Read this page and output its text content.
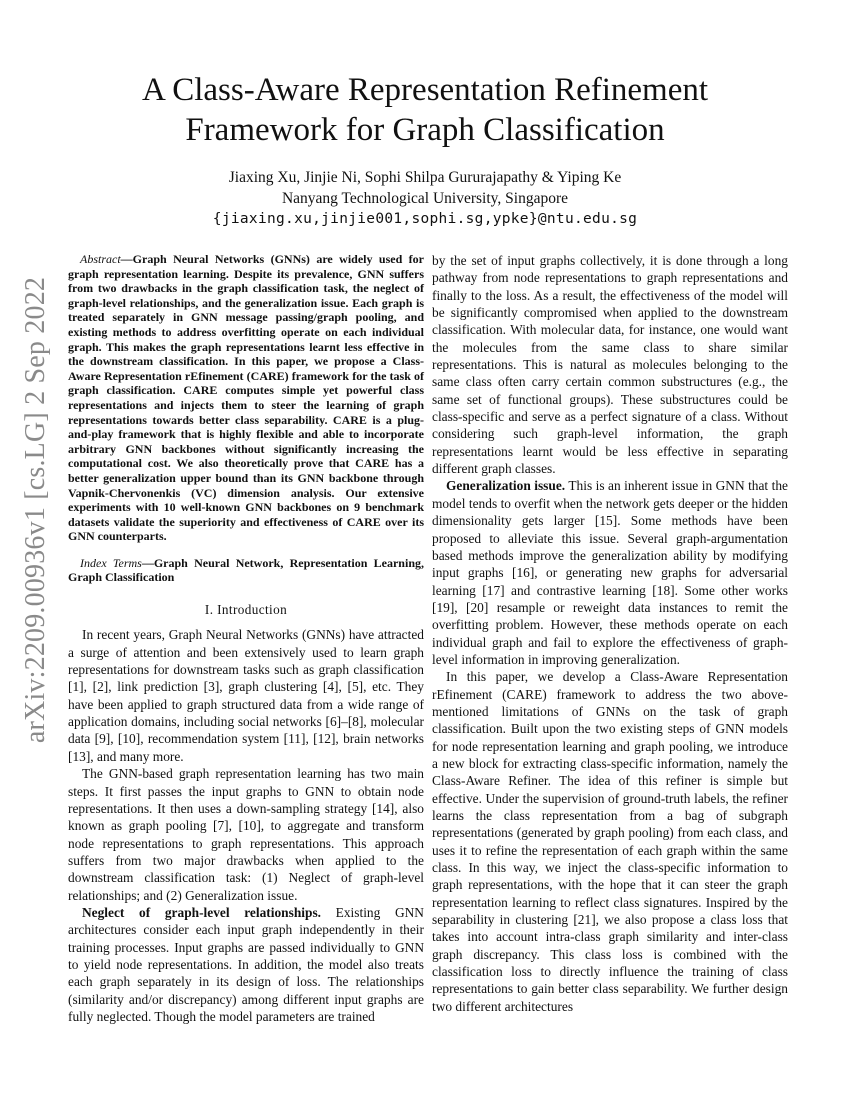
arXiv:2209.00936v1 [cs.LG] 2 Sep 2022
A Class-Aware Representation Refinement
Framework for Graph Classification
Jiaxing Xu, Jinjie Ni, Sophi Shilpa Gururajapathy & Yiping Ke
Nanyang Technological University, Singapore
{jiaxing.xu,jinjie001,sophi.sg,ypke}@ntu.edu.sg

Abstract—Graph Neural Networks (GNNs) are widely used for graph representation learning. Despite its prevalence, GNN suffers from two drawbacks in the graph classification task, the neglect of graph-level relationships, and the generalization issue. Each graph is treated separately in GNN message passing/graph pooling, and existing methods to address overfitting operate on each individual graph. This makes the graph representations learnt less effective in the downstream classification. In this paper, we propose a Class-Aware Representation rEfinement (CARE) framework for the task of graph classification. CARE computes simple yet powerful class representations and injects them to steer the learning of graph representations towards better class separability. CARE is a plug-and-play framework that is highly flexible and able to incorporate arbitrary GNN backbones without significantly increasing the computational cost. We also theoretically prove that CARE has a better generalization upper bound than its GNN backbone through Vapnik-Chervonenkis (VC) dimension analysis. Our extensive experiments with 10 well-known GNN backbones on 9 benchmark datasets validate the superiority and effectiveness of CARE over its GNN counterparts.

Index Terms—Graph Neural Network, Representation Learning, Graph Classification

I. Introduction

In recent years, Graph Neural Networks (GNNs) have attracted a surge of attention and been extensively used to learn graph representations for downstream tasks such as graph classification [1], [2], link prediction [3], graph clustering [4], [5], etc. They have been applied to graph structured data from a wide range of application domains, including social networks [6]–[8], molecular data [9], [10], recommendation system [11], [12], brain networks [13], and many more.

The GNN-based graph representation learning has two main steps. It first passes the input graphs to GNN to obtain node representations. It then uses a down-sampling strategy [14], also known as graph pooling [7], [10], to aggregate and transform node representations to graph representations. This approach suffers from two major drawbacks when applied to the downstream classification task: (1) Neglect of graph-level relationships; and (2) Generalization issue.

Neglect of graph-level relationships. Existing GNN architectures consider each input graph independently in their training processes. Input graphs are passed individually to GNN to yield node representations. In addition, the model also treats each graph separately in its design of loss. The relationships (similarity and/or discrepancy) among different input graphs are fully neglected. Though the model parameters are trained

by the set of input graphs collectively, it is done through a long pathway from node representations to graph representations and finally to the loss. As a result, the effectiveness of the model will be significantly compromised when applied to the downstream classification. With molecular data, for instance, one would want the molecules from the same class to share similar representations. This is natural as molecules belonging to the same class often carry certain common substructures (e.g., the same set of functional groups). These substructures could be class-specific and serve as a perfect signature of a class. Without considering such graph-level information, the graph representations learnt would be less effective in separating different graph classes.

Generalization issue. This is an inherent issue in GNN that the model tends to overfit when the network gets deeper or the hidden dimensionality gets larger [15]. Some methods have been proposed to alleviate this issue. Several graph-argumentation based methods improve the generalization ability by modifying input graphs [16], or generating new graphs for adversarial learning [17] and contrastive learning [18]. Some other works [19], [20] resample or reweight data instances to remit the overfitting problem. However, these methods operate on each individual graph and fail to explore the effectiveness of graph-level information in improving generalization.

In this paper, we develop a Class-Aware Representation rEfinement (CARE) framework to address the two above-mentioned limitations of GNNs on the task of graph classification. Built upon the two existing steps of GNN models for node representation learning and graph pooling, we introduce a new block for extracting class-specific information, namely the Class-Aware Refiner. The idea of this refiner is simple but effective. Under the supervision of ground-truth labels, the refiner learns the class representation from a bag of subgraph representations (generated by graph pooling) from each class, and uses it to refine the representation of each graph within the same class. In this way, we inject the class-specific information to graph representations, with the hope that it can steer the graph representation learning to reflect class signatures. Inspired by the separability in clustering [21], we also propose a class loss that takes into account intra-class graph similarity and inter-class graph discrepancy. This class loss is combined with the classification loss to directly influence the training of class representations to gain better class separability. We further design two different architectures
